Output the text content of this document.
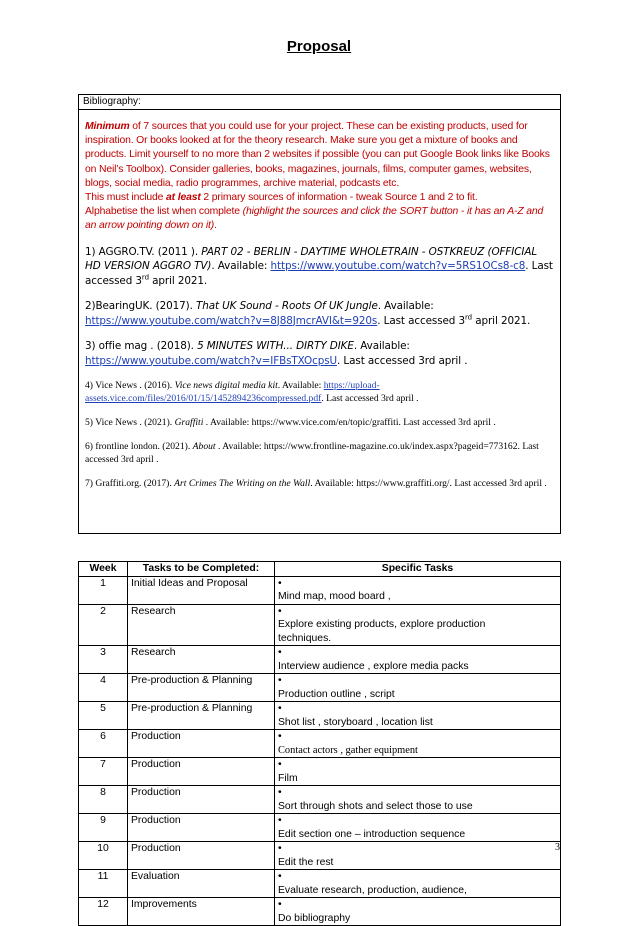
Proposal
Bibliography:
Minimum of 7 sources that you could use for your project. These can be existing products, used for inspiration. Or books looked at for the theory research. Make sure you get a mixture of books and products. Limit yourself to no more than 2 websites if possible (you can put Google Book links like Books on Neil’s Toolbox). Consider galleries, books, magazines, journals, films, computer games, websites, blogs, social media, radio programmes, archive material, podcasts etc.
This must include at least 2 primary sources of information - tweak Source 1 and 2 to fit.
Alphabetise the list when complete (highlight the sources and click the SORT button - it has an A-Z and an arrow pointing down on it).
1) AGGRO.TV. (2011 ). PART 02 - BERLIN - DAYTIME WHOLETRAIN - OSTKREUZ (OFFICIAL HD VERSION AGGRO TV). Available: https://www.youtube.com/watch?v=5RS1OCs8-c8. Last accessed 3rd april 2021.
2)BearingUK. (2017). That UK Sound - Roots Of UK Jungle. Available: https://www.youtube.com/watch?v=8J88JmcrAVI&t=920s. Last accessed 3rd april 2021.
3) offie mag . (2018). 5 MINUTES WITH... DIRTY DIKE. Available: https://www.youtube.com/watch?v=IFBsTXOcpsU. Last accessed 3rd april .
4) Vice News . (2016). Vice news digital media kit. Available: https://upload-assets.vice.com/files/2016/01/15/1452894236compressed.pdf. Last accessed 3rd april .
5) Vice News . (2021). Graffiti . Available: https://www.vice.com/en/topic/graffiti. Last accessed 3rd april .
6) frontline london. (2021). About . Available: https://www.frontline-magazine.co.uk/index.aspx?pageid=773162. Last accessed 3rd april .
7) Graffiti.org. (2017). Art Crimes The Writing on the Wall. Available: https://www.graffiti.org/. Last accessed 3rd april .
Week	Tasks to be Completed:	Specific Tasks
1	Initial Ideas and Proposal	•Mind map, mood board ,
2	Research	•Explore existing products, explore production techniques.
3	Research	•Interview audience , explore media packs
4	Pre-production & Planning	•Production outline , script
5	Pre-production & Planning	•Shot list , storyboard , location list
6	Production	•Contact actors , gather equipment
7	Production	•Film
8	Production	•Sort through shots and select those to use
9	Production	•Edit section one – introduction sequence
10	Production	•Edit the rest
11	Evaluation	•Evaluate research, production, audience,
12	Improvements	•Do bibliography
3
